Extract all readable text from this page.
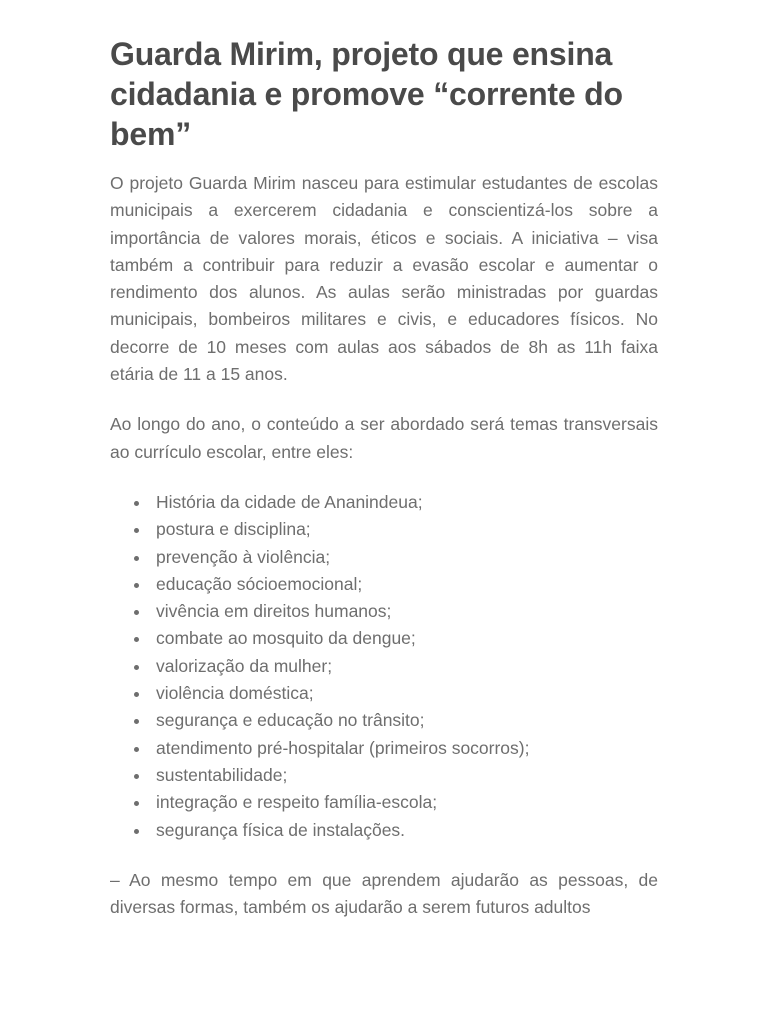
Guarda Mirim, projeto que ensina cidadania e promove “corrente do bem”

O projeto Guarda Mirim nasceu para estimular estudantes de escolas municipais a exercerem cidadania e conscientizá-los sobre a importância de valores morais, éticos e sociais. A iniciativa – visa também a contribuir para reduzir a evasão escolar e aumentar o rendimento dos alunos. As aulas serão ministradas por guardas municipais, bombeiros militares e civis, e educadores físicos. No decorre de 10 meses com aulas aos sábados de 8h as 11h faixa etária de 11 a 15 anos.

Ao longo do ano, o conteúdo a ser abordado será temas transversais ao currículo escolar, entre eles:

História da cidade de Ananindeua;
postura e disciplina;
prevenção à violência;
educação sócioemocional;
vivência em direitos humanos;
combate ao mosquito da dengue;
valorização da mulher;
violência doméstica;
segurança e educação no trânsito;
atendimento pré-hospitalar (primeiros socorros);
sustentabilidade;
integração e respeito família-escola;
segurança física de instalações.

– Ao mesmo tempo em que aprendem ajudarão as pessoas, de diversas formas, também os ajudarão a serem futuros adultos
